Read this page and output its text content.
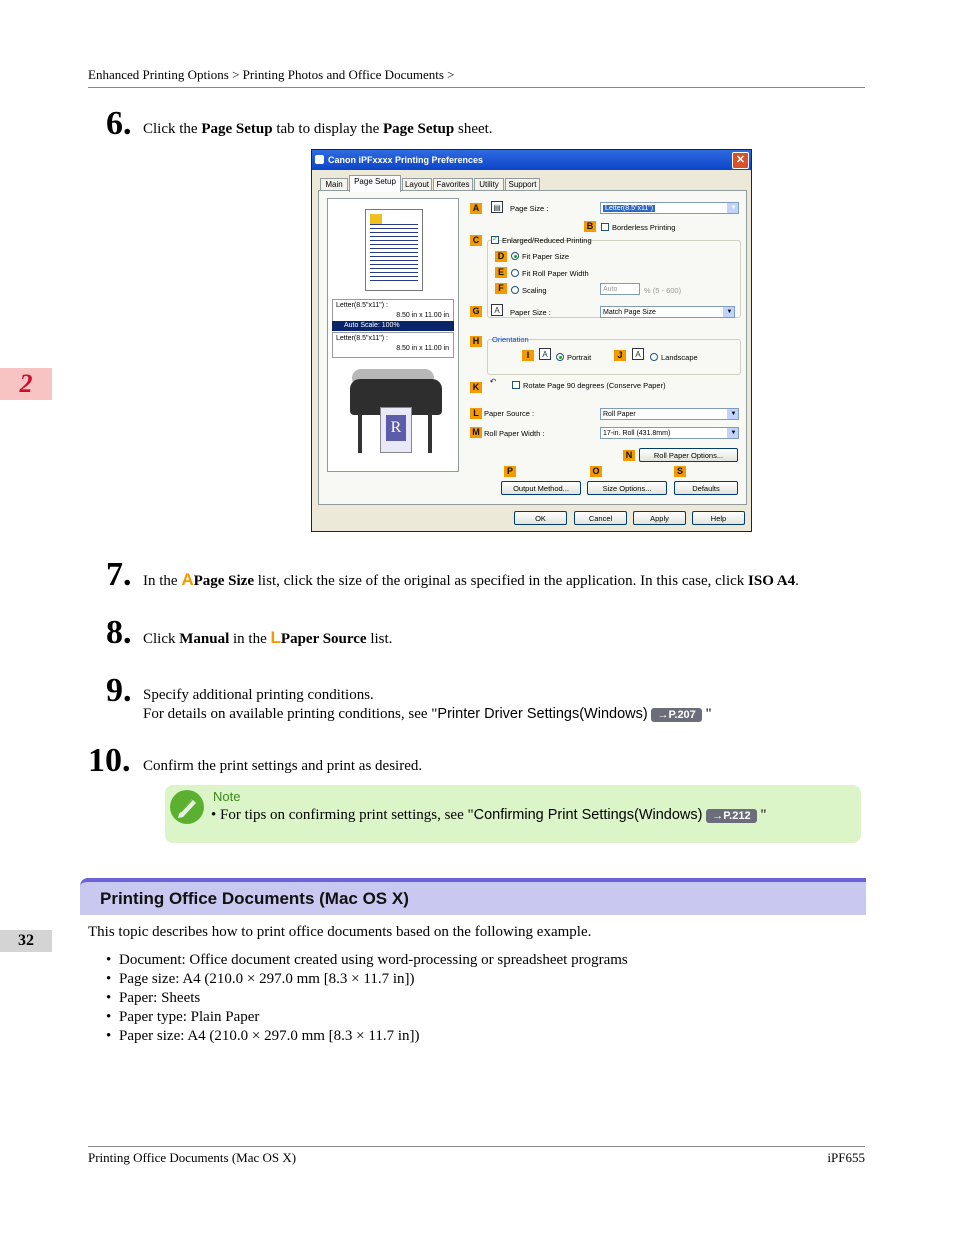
Enhanced Printing Options > Printing Photos and Office Documents >
2
32
6. Click the Page Setup tab to display the Page Setup sheet.
Canon iPFxxxx Printing Preferences	✕
Main	Page Setup	Layout Favorites	Utility	Support
Letter(8.5"x11") :
8.50 in x 11.00 in
Auto Scale: 100%
Letter(8.5"x11") :
8.50 in x 11.00 in
R
A	▤ Page Size :	Letter(8.5"x11")	▼
B	Borderless Printing
C	✓ Enlarged/Reduced Printing
D	Fit Paper Size
E	Fit Roll Paper Width
F	Scaling	Auto	% (5 - 600)
G	A	Paper Size :	Match Page Size	▼
H	Orientation
I	A	Portrait	J	A	Landscape
K
↶	Rotate Page 90 degrees (Conserve Paper)
L Paper Source :	Roll Paper	▼
M Roll Paper Width :	17-in. Roll (431.8mm)	▼
N	Roll Paper Options...
P	O	S
Output Method...	Size Options...	Defaults
OK	Cancel	Apply	Help
7. In the APage Size list, click the size of the original as specified in the application. In this case, click ISO A4.
8. Click Manual in the LPaper Source list.
9. Specify additional printing conditions.
For details on available printing conditions, see "Printer Driver Settings(Windows) →P.207 "
10. Confirm the print settings and print as desired.
Note
• For tips on confirming print settings, see "Confirming Print Settings(Windows) →P.212 "
Printing Office Documents (Mac OS X)
This topic describes how to print office documents based on the following example.
• Document: Office document created using word-processing or spreadsheet programs
• Page size: A4 (210.0 × 297.0 mm [8.3 × 11.7 in])
• Paper: Sheets
• Paper type: Plain Paper
• Paper size: A4 (210.0 × 297.0 mm [8.3 × 11.7 in])
Printing Office Documents (Mac OS X)	iPF655
